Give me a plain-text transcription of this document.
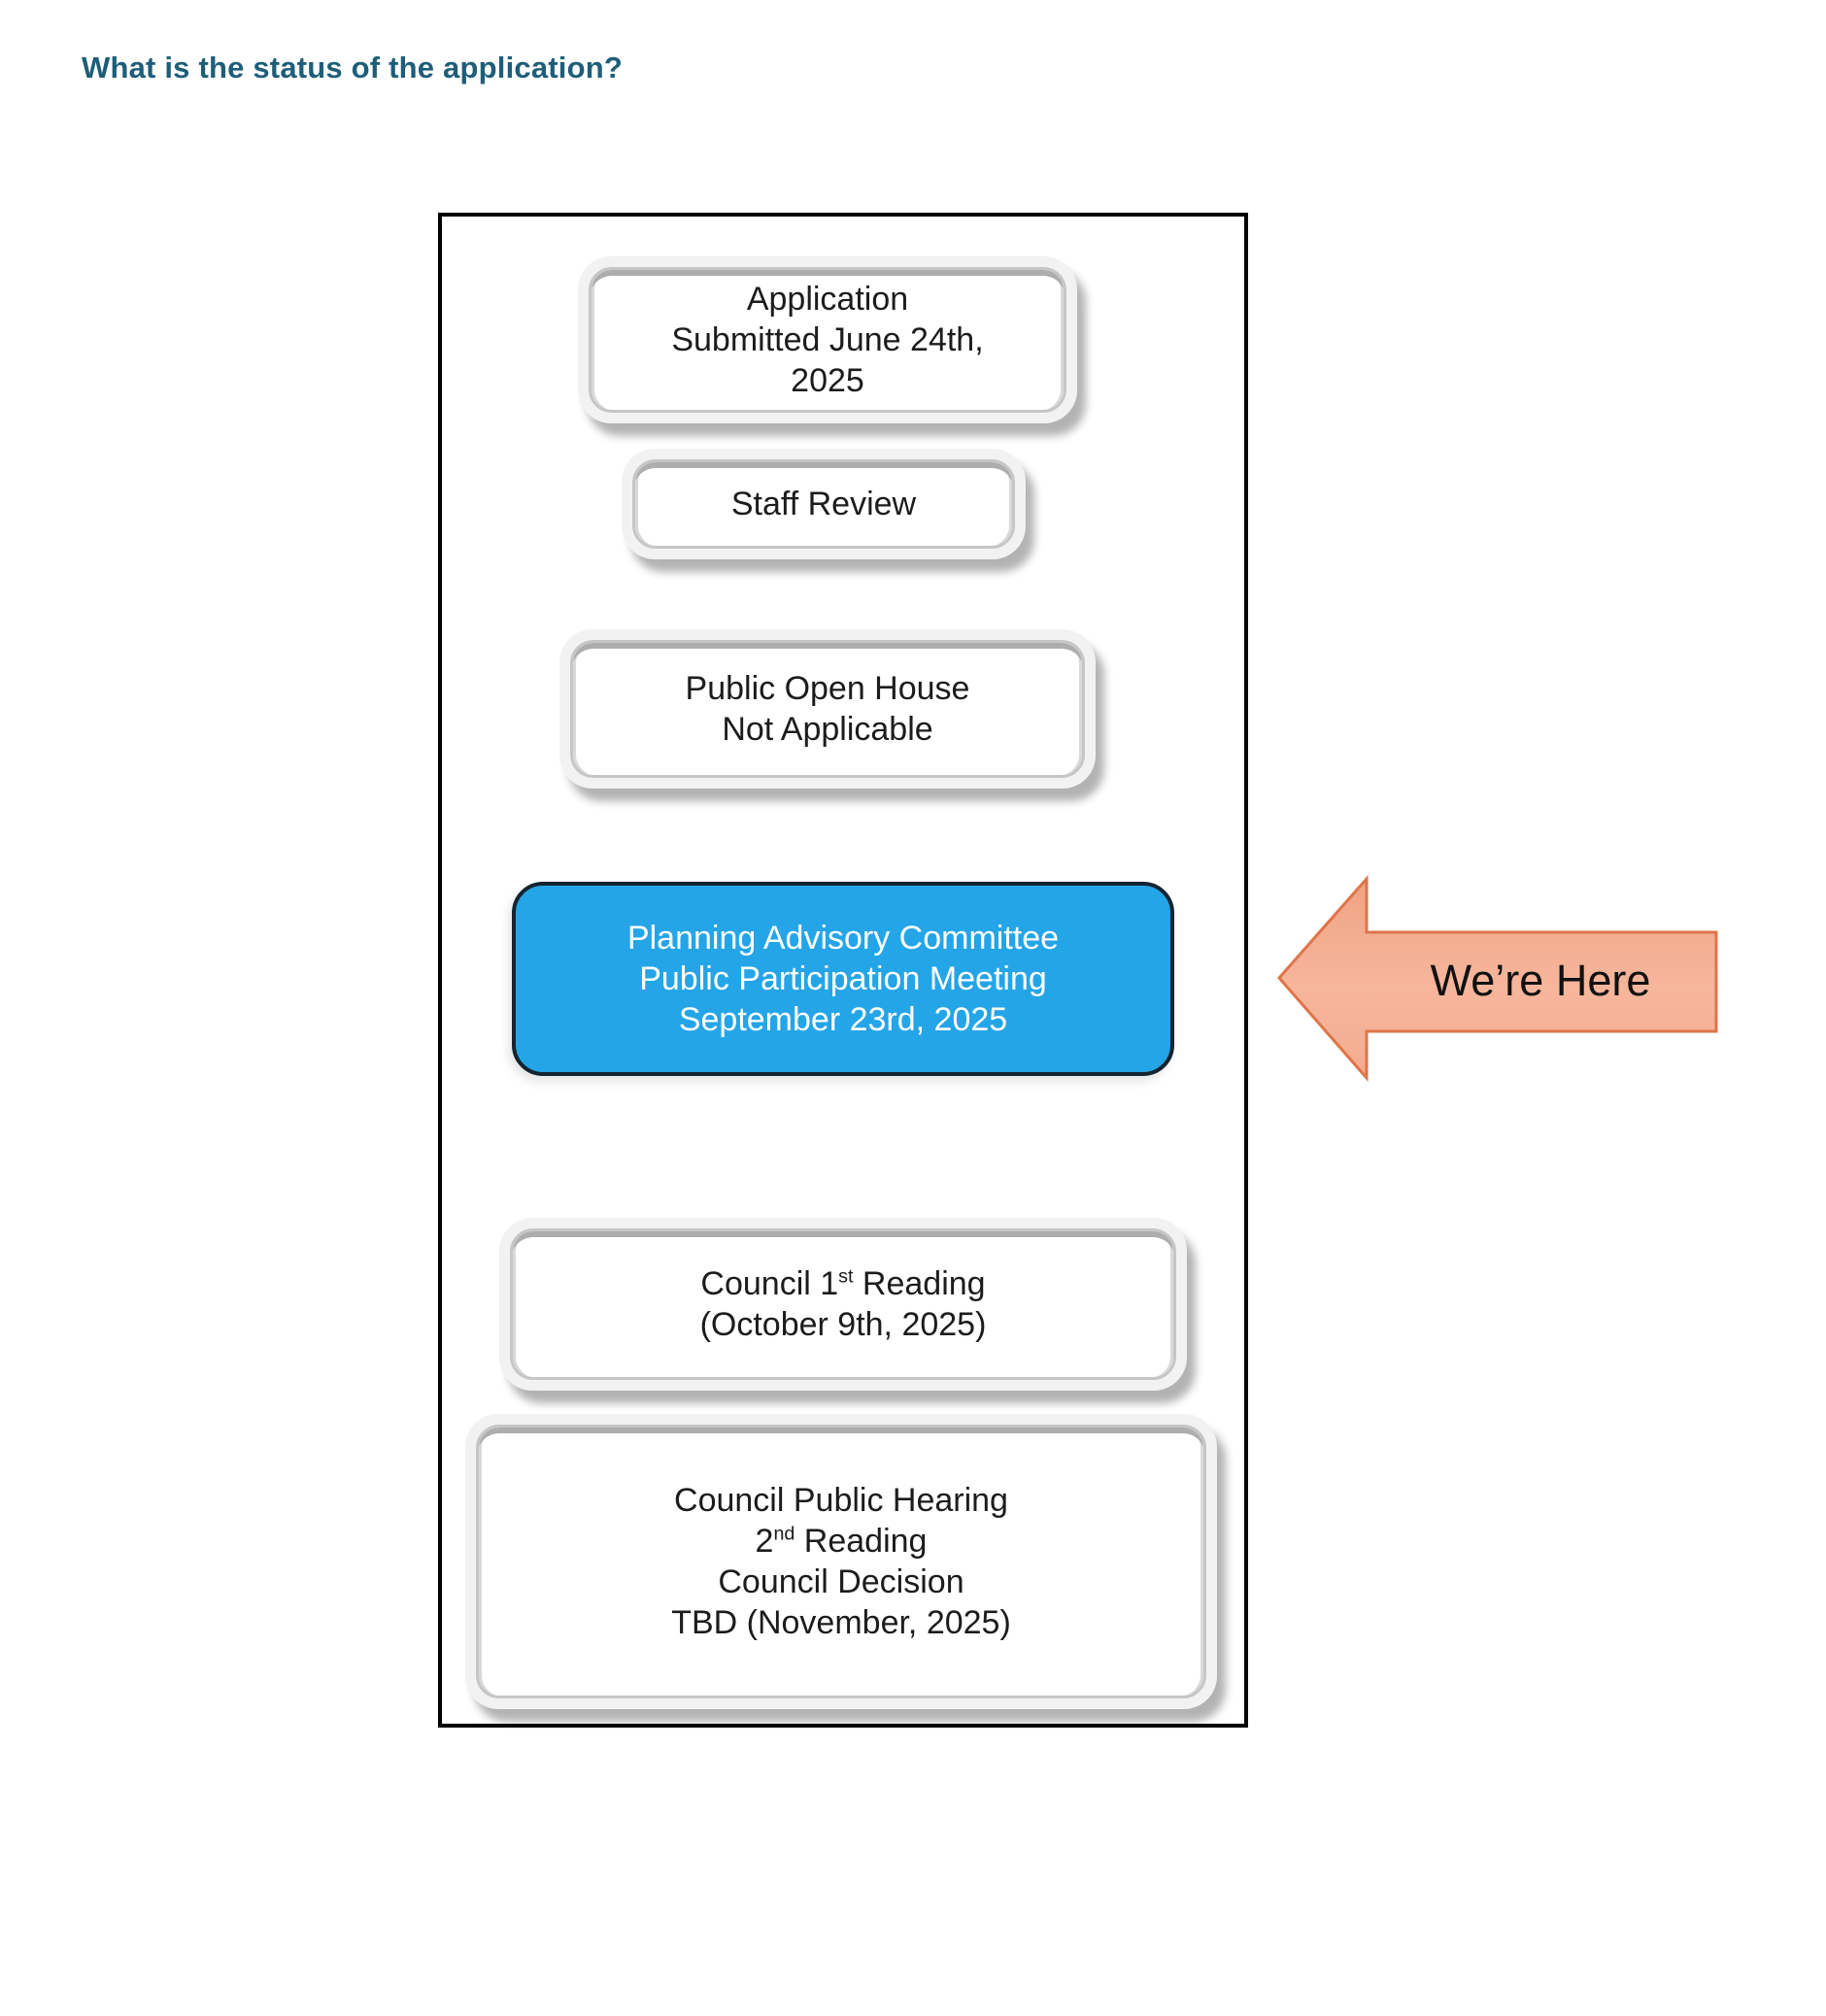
What is the status of the application?
Application
Submitted June 24th,
2025
Staff Review
Public Open House
Not Applicable
Planning Advisory Committee
Public Participation Meeting
September 23rd, 2025
Council 1st Reading
(October 9th, 2025)
Council Public Hearing
2nd Reading
Council Decision
TBD (November, 2025)
We’re Here
